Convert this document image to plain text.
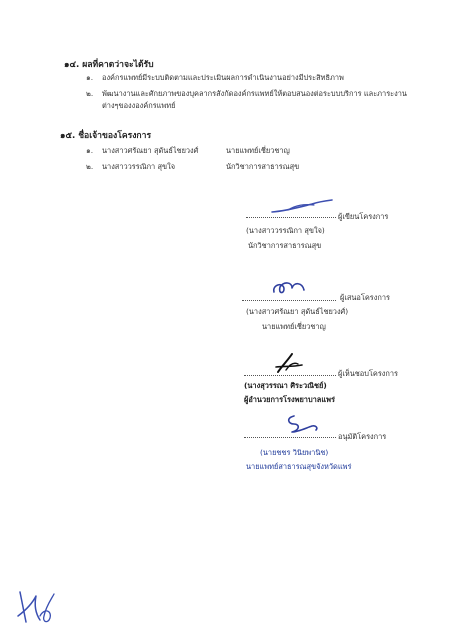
๑๔. ผลที่คาดว่าจะได้รับ
๑. องค์กรแพทย์มีระบบติดตามและประเมินผลการดำเนินงานอย่างมีประสิทธิภาพ
๒. พัฒนางานและศักยภาพของบุคลากรสังกัดองค์กรแพทย์ให้ตอบสนองต่อระบบบริการ และภาระงาน
ต่างๆของงองค์กรแพทย์
๑๕. ชื่อเจ้าของโครงการ
๑. นางสาวศรัณยา สุดันธ์ไชยวงศ์	นายแพทย์เชี่ยวชาญ
๒. นางสาววรรณิกา สุขใจ	นักวิชาการสาธารณสุข
ผู้เขียนโครงการ
(นางสาววรรณิกา สุขใจ)
นักวิชาการสาธารณสุข
ผู้เสนอโครงการ
(นางสาวศรัณยา สุดันธ์ไชยวงศ์)
นายแพทย์เชี่ยวชาญ
ผู้เห็นชอบโครงการ
(นางสุวรรณา ศิระวณิชย์)
ผู้อำนวยการโรงพยาบาลแพร่
อนุมัติโครงการ
(นายชชร วินิยพานิช)
นายแพทย์สาธารณสุขจังหวัดแพร่
